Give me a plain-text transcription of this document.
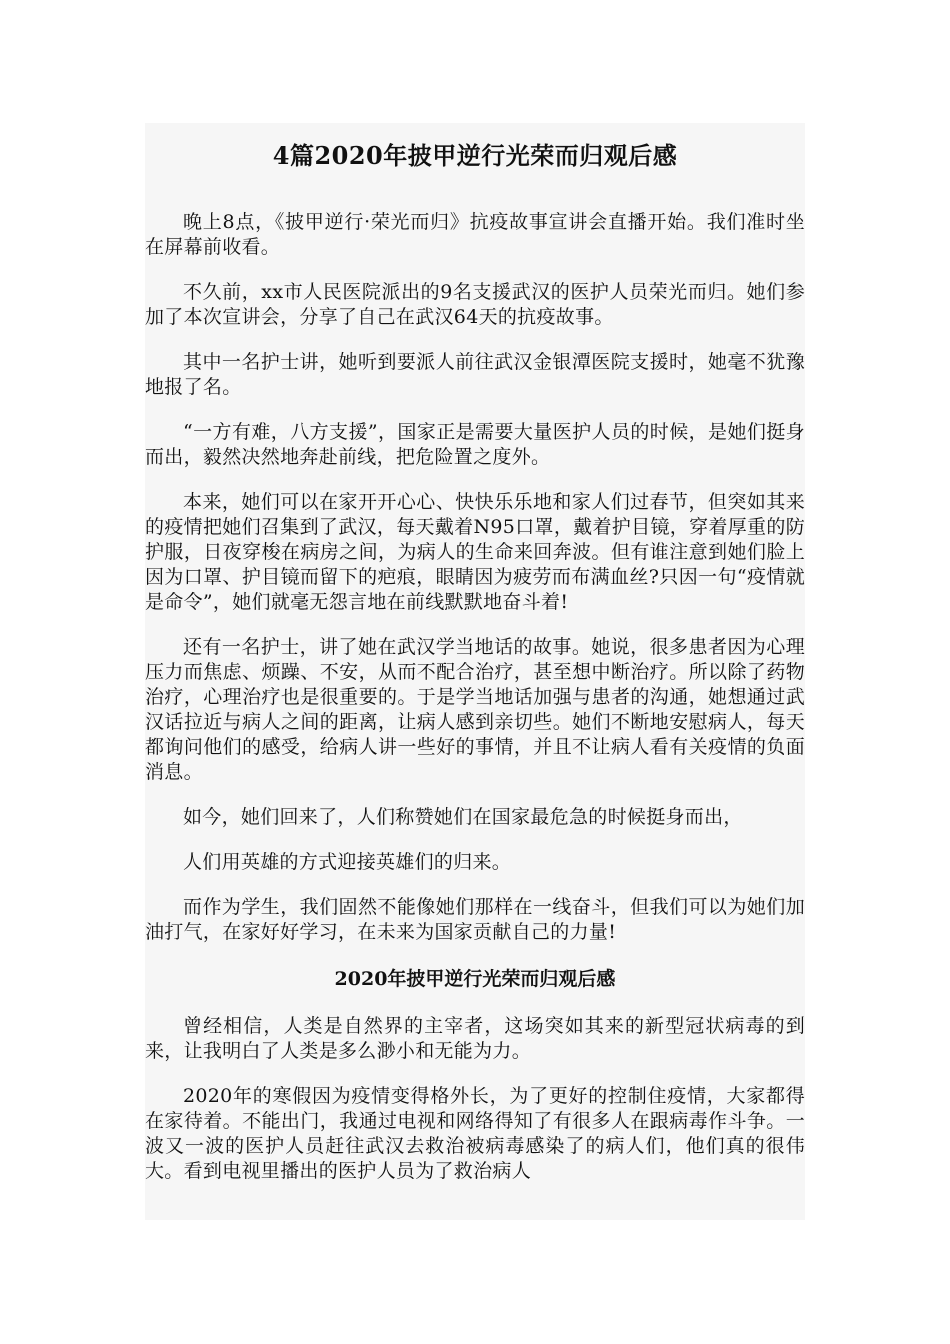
4篇2020年披甲逆行光荣而归观后感

晚上8点，《披甲逆行·荣光而归》抗疫故事宣讲会直播开始。我们准时坐在屏幕前收看。

不久前，xx市人民医院派出的9名支援武汉的医护人员荣光而归。她们参加了本次宣讲会，分享了自己在武汉64天的抗疫故事。

其中一名护士讲，她听到要派人前往武汉金银潭医院支援时，她毫不犹豫地报了名。

“一方有难，八方支援”，国家正是需要大量医护人员的时候，是她们挺身而出，毅然决然地奔赴前线，把危险置之度外。

本来，她们可以在家开开心心、快快乐乐地和家人们过春节，但突如其来的疫情把她们召集到了武汉，每天戴着N95口罩，戴着护目镜，穿着厚重的防护服，日夜穿梭在病房之间，为病人的生命来回奔波。但有谁注意到她们脸上因为口罩、护目镜而留下的疤痕，眼睛因为疲劳而布满血丝?只因一句“疫情就是命令”，她们就毫无怨言地在前线默默地奋斗着!

还有一名护士，讲了她在武汉学当地话的故事。她说，很多患者因为心理压力而焦虑、烦躁、不安，从而不配合治疗，甚至想中断治疗。所以除了药物治疗，心理治疗也是很重要的。于是学当地话加强与患者的沟通，她想通过武汉话拉近与病人之间的距离，让病人感到亲切些。她们不断地安慰病人，每天都询问他们的感受，给病人讲一些好的事情，并且不让病人看有关疫情的负面消息。

如今，她们回来了，人们称赞她们在国家最危急的时候挺身而出，

人们用英雄的方式迎接英雄们的归来。

而作为学生，我们固然不能像她们那样在一线奋斗，但我们可以为她们加油打气，在家好好学习，在未来为国家贡献自己的力量!

2020年披甲逆行光荣而归观后感

曾经相信，人类是自然界的主宰者，这场突如其来的新型冠状病毒的到来，让我明白了人类是多么渺小和无能为力。

2020年的寒假因为疫情变得格外长，为了更好的控制住疫情，大家都得在家待着。不能出门，我通过电视和网络得知了有很多人在跟病毒作斗争。一波又一波的医护人员赶往武汉去救治被病毒感染了的病人们，他们真的很伟大。看到电视里播出的医护人员为了救治病人
